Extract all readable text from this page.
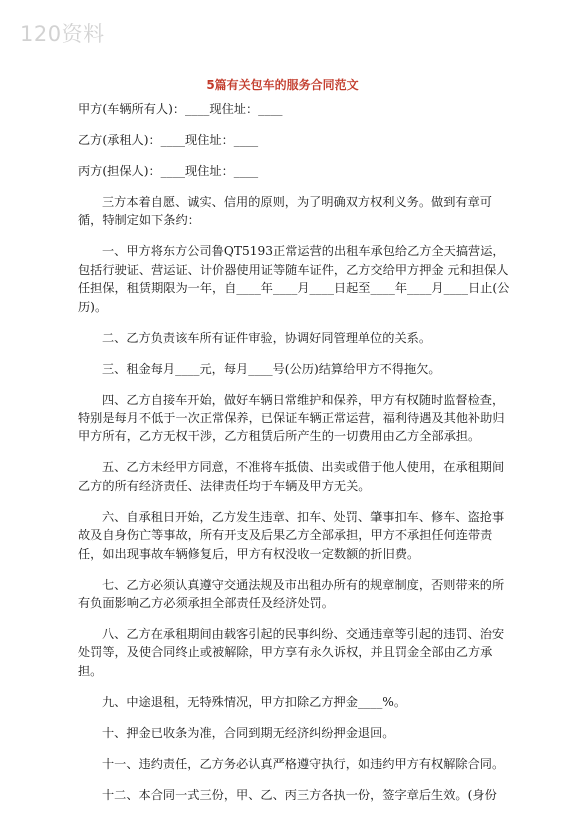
120资料
5篇有关包车的服务合同范文
甲方(车辆所有人)：____现住址：____
乙方(承租人)：____现住址：____
丙方(担保人)：____现住址：____
三方本着自愿、诚实、信用的原则，为了明确双方权利义务。做到有章可循，特制定如下条约：
一、甲方将东方公司鲁QT5193正常运营的出租车承包给乙方全天搞营运，包括行驶证、营运证、计价器使用证等随车证件，乙方交给甲方押金 元和担保人任担保，租赁期限为一年，自____年____月____日起至____年____月____日止(公历)。
二、乙方负责该车所有证件审验，协调好同管理单位的关系。
三、租金每月____元，每月____号(公历)结算给甲方不得拖欠。
四、乙方自接车开始，做好车辆日常维护和保养，甲方有权随时监督检查，特别是每月不低于一次正常保养，已保证车辆正常运营，福利待遇及其他补助归甲方所有，乙方无权干涉，乙方租赁后所产生的一切费用由乙方全部承担。
五、乙方未经甲方同意，不准将车抵债、出卖或借于他人使用，在承租期间乙方的所有经济责任、法律责任均于车辆及甲方无关。
六、自承租日开始，乙方发生违章、扣车、处罚、肇事扣车、修车、盗抢事故及自身伤亡等事故，所有开支及后果乙方全部承担，甲方不承担任何连带责任，如出现事故车辆修复后，甲方有权没收一定数额的折旧费。
七、乙方必须认真遵守交通法规及市出租办所有的规章制度，否则带来的所有负面影响乙方必须承担全部责任及经济处罚。
八、乙方在承租期间由载客引起的民事纠纷、交通违章等引起的违罚、治安处罚等，及使合同终止或被解除，甲方享有永久诉权，并且罚金全部由乙方承担。
九、中途退租，无特殊情况，甲方扣除乙方押金____%。
十、押金已收条为准，合同到期无经济纠纷押金退回。
十一、违约责任，乙方务必认真严格遵守执行，如违约甲方有权解除合同。
十二、本合同一式三份，甲、乙、丙三方各执一份，签字章后生效。(身份
